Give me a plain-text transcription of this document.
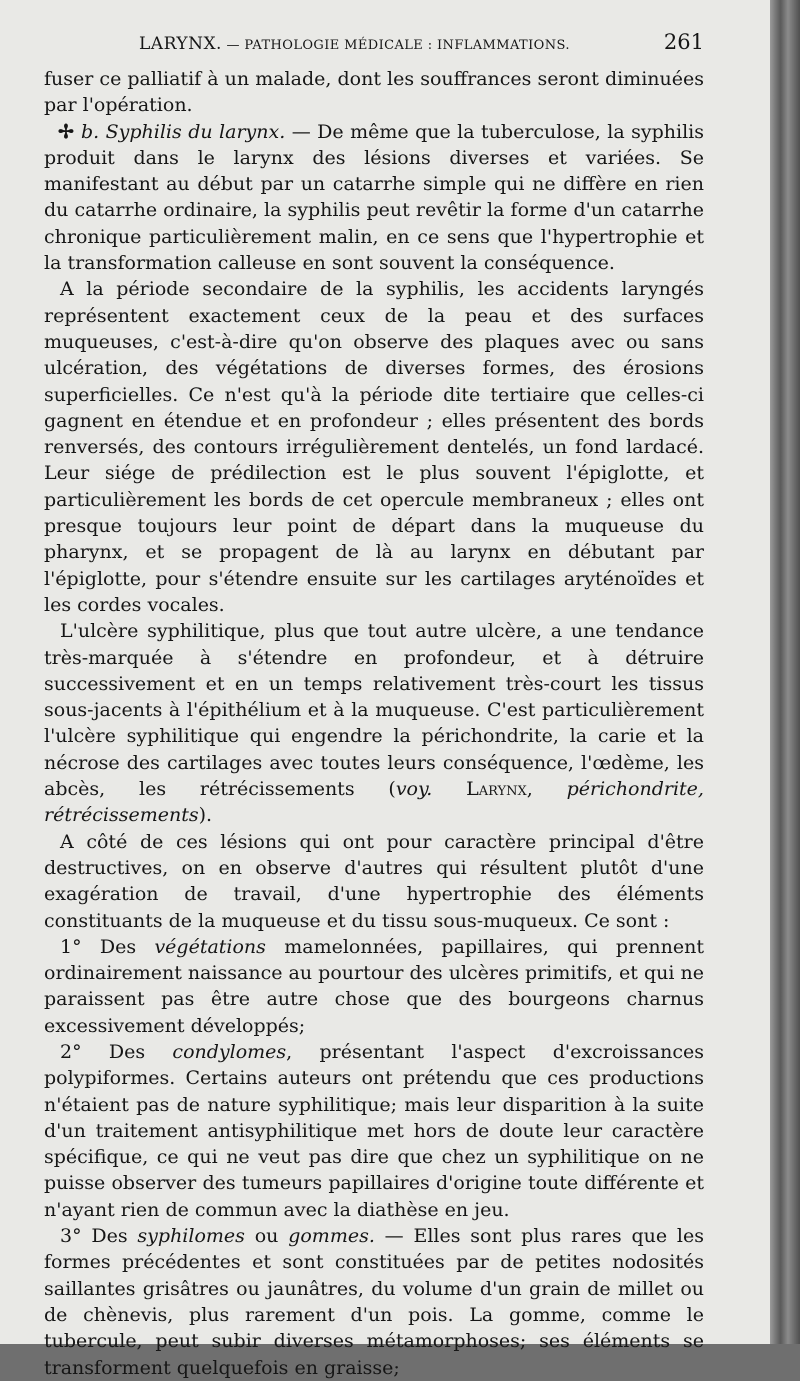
LARYNX. — PATHOLOGIE MÉDICALE : INFLAMMATIONS.	261

fuser ce palliatif à un malade, dont les souffrances seront diminuées par l'opération.

✢ b. Syphilis du larynx. — De même que la tuberculose, la syphilis produit dans le larynx des lésions diverses et variées. Se manifestant au début par un catarrhe simple qui ne diffère en rien du catarrhe ordinaire, la syphilis peut revêtir la forme d'un catarrhe chronique particulièrement malin, en ce sens que l'hypertrophie et la transformation calleuse en sont souvent la conséquence.

A la période secondaire de la syphilis, les accidents laryngés représentent exactement ceux de la peau et des surfaces muqueuses, c'est-à-dire qu'on observe des plaques avec ou sans ulcération, des végétations de diverses formes, des érosions superficielles. Ce n'est qu'à la période dite tertiaire que celles-ci gagnent en étendue et en profondeur ; elles présentent des bords renversés, des contours irrégulièrement dentelés, un fond lardacé. Leur siége de prédilection est le plus souvent l'épiglotte, et particulièrement les bords de cet opercule membraneux ; elles ont presque toujours leur point de départ dans la muqueuse du pharynx, et se propagent de là au larynx en débutant par l'épiglotte, pour s'étendre ensuite sur les cartilages aryténoïdes et les cordes vocales.

L'ulcère syphilitique, plus que tout autre ulcère, a une tendance très-marquée à s'étendre en profondeur, et à détruire successivement et en un temps relativement très-court les tissus sous-jacents à l'épithélium et à la muqueuse. C'est particulièrement l'ulcère syphilitique qui engendre la périchondrite, la carie et la nécrose des cartilages avec toutes leurs conséquence, l'œdème, les abcès, les rétrécissements (voy. Larynx, périchondrite, rétrécissements).

A côté de ces lésions qui ont pour caractère principal d'être destructives, on en observe d'autres qui résultent plutôt d'une exagération de travail, d'une hypertrophie des éléments constituants de la muqueuse et du tissu sous-muqueux. Ce sont :

1° Des végétations mamelonnées, papillaires, qui prennent ordinairement naissance au pourtour des ulcères primitifs, et qui ne paraissent pas être autre chose que des bourgeons charnus excessivement développés;

2° Des condylomes, présentant l'aspect d'excroissances polypiformes. Certains auteurs ont prétendu que ces productions n'étaient pas de nature syphilitique; mais leur disparition à la suite d'un traitement antisyphilitique met hors de doute leur caractère spécifique, ce qui ne veut pas dire que chez un syphilitique on ne puisse observer des tumeurs papillaires d'origine toute différente et n'ayant rien de commun avec la diathèse en jeu.

3° Des syphilomes ou gommes. — Elles sont plus rares que les formes précédentes et sont constituées par de petites nodosités saillantes grisâtres ou jaunâtres, du volume d'un grain de millet ou de chènevis, plus rarement d'un pois. La gomme, comme le tubercule, peut subir diverses métamorphoses; ses éléments se transforment quelquefois en graisse;
